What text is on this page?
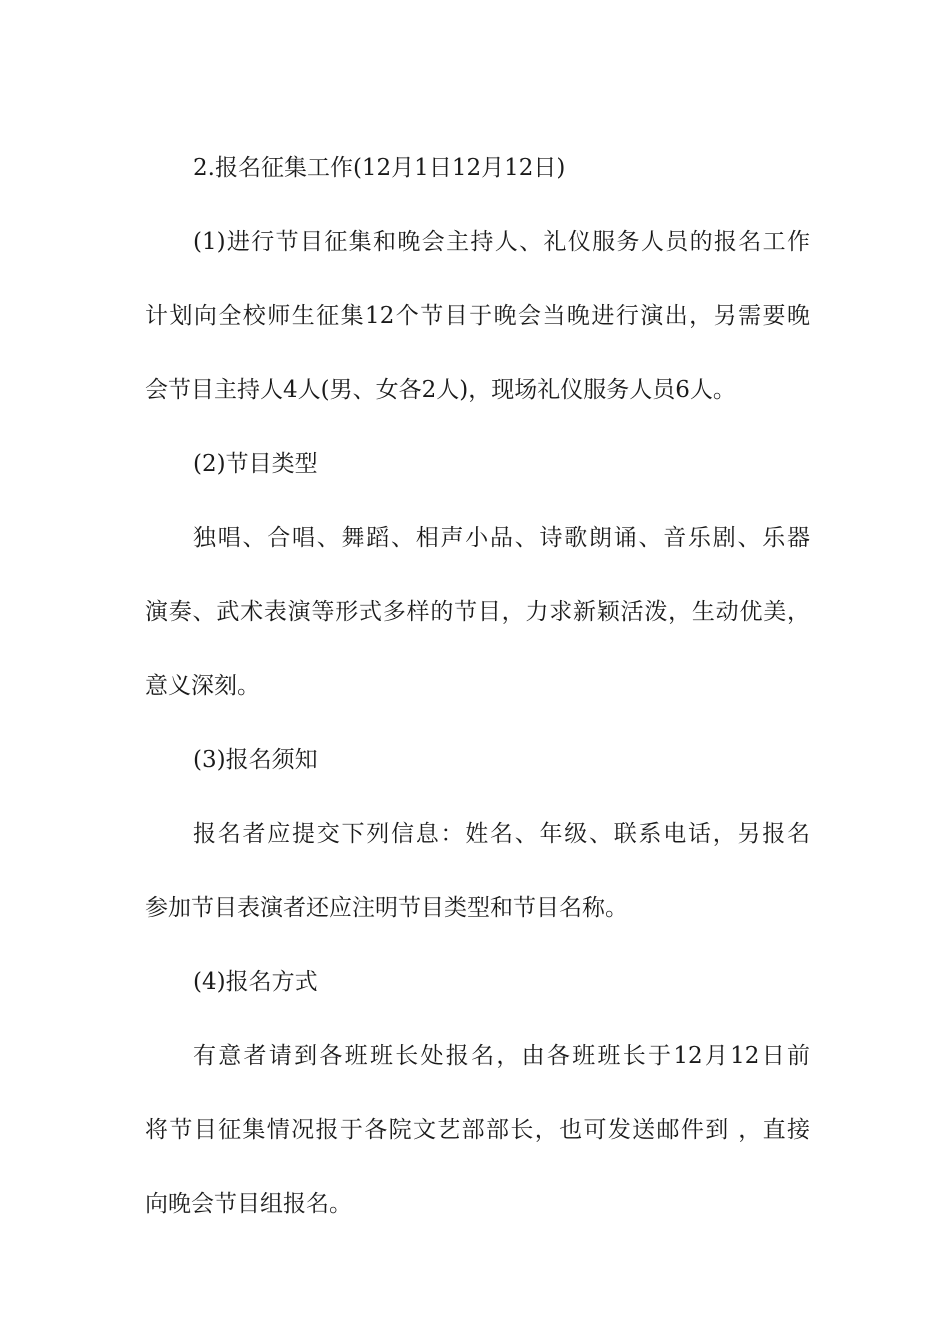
2.报名征集工作(12月1日12月12日)
(1)进行节目征集和晚会主持人、礼仪服务人员的报名工作
计划向全校师生征集12个节目于晚会当晚进行演出，另需要晚
会节目主持人4人(男、女各2人)，现场礼仪服务人员6人。
(2)节目类型
独唱、合唱、舞蹈、相声小品、诗歌朗诵、音乐剧、乐器
演奏、武术表演等形式多样的节目，力求新颖活泼，生动优美，
意义深刻。
(3)报名须知
报名者应提交下列信息：姓名、年级、联系电话，另报名
参加节目表演者还应注明节目类型和节目名称。
(4)报名方式
有意者请到各班班长处报名，由各班班长于12月12日前
将节目征集情况报于各院文艺部部长，也可发送邮件到 ，直接
向晚会节目组报名。
